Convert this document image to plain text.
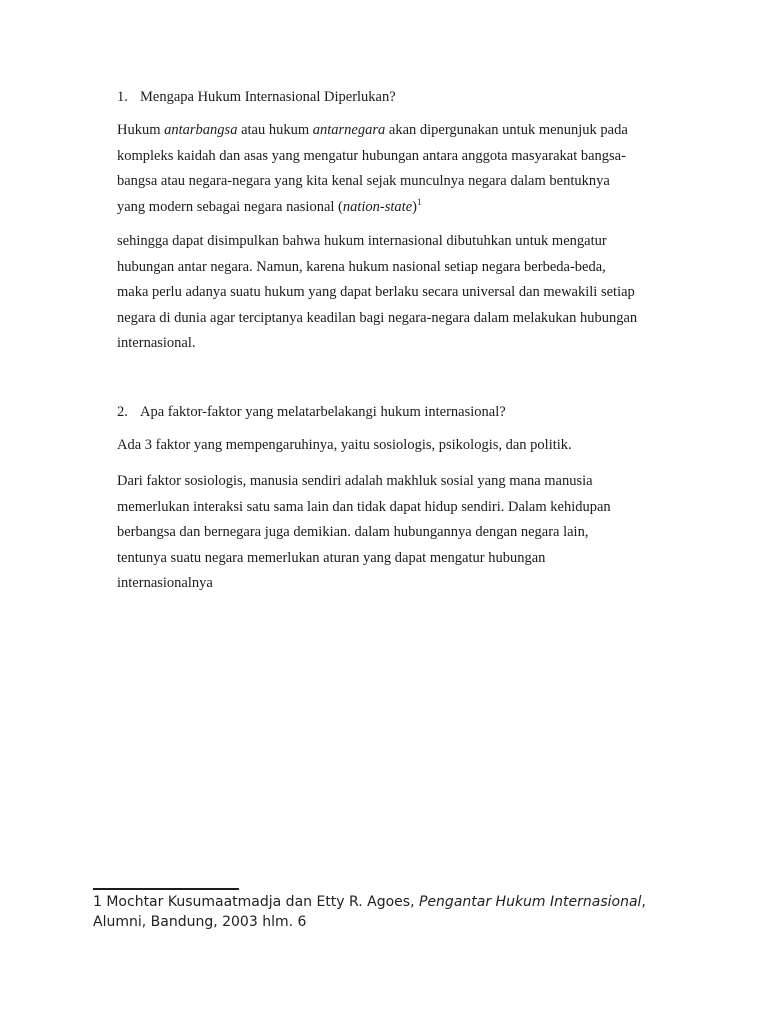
1. Mengapa Hukum Internasional Diperlukan?
Hukum antarbangsa atau hukum antarnegara akan dipergunakan untuk menunjuk pada
kompleks kaidah dan asas yang mengatur hubungan antara anggota masyarakat bangsa-
bangsa atau negara-negara yang kita kenal sejak munculnya negara dalam bentuknya
yang modern sebagai negara nasional (nation-state)$^1$
sehingga dapat disimpulkan bahwa hukum internasional dibutuhkan untuk mengatur
hubungan antar negara. Namun, karena hukum nasional setiap negara berbeda-beda,
maka perlu adanya suatu hukum yang dapat berlaku secara universal dan mewakili setiap
negara di dunia agar terciptanya keadilan bagi negara-negara dalam melakukan hubungan
internasional.
2. Apa faktor-faktor yang melatarbelakangi hukum internasional?
Ada 3 faktor yang mempengaruhinya, yaitu sosiologis, psikologis, dan politik.
Dari faktor sosiologis, manusia sendiri adalah makhluk sosial yang mana manusia
memerlukan interaksi satu sama lain dan tidak dapat hidup sendiri. Dalam kehidupan
berbangsa dan bernegara juga demikian. dalam hubungannya dengan negara lain,
tentunya suatu negara memerlukan aturan yang dapat mengatur hubungan
internasionalnya
1 Mochtar Kusumaatmadja dan Etty R. Agoes, Pengantar Hukum Internasional, Alumni, Bandung, 2003 hlm. 6
